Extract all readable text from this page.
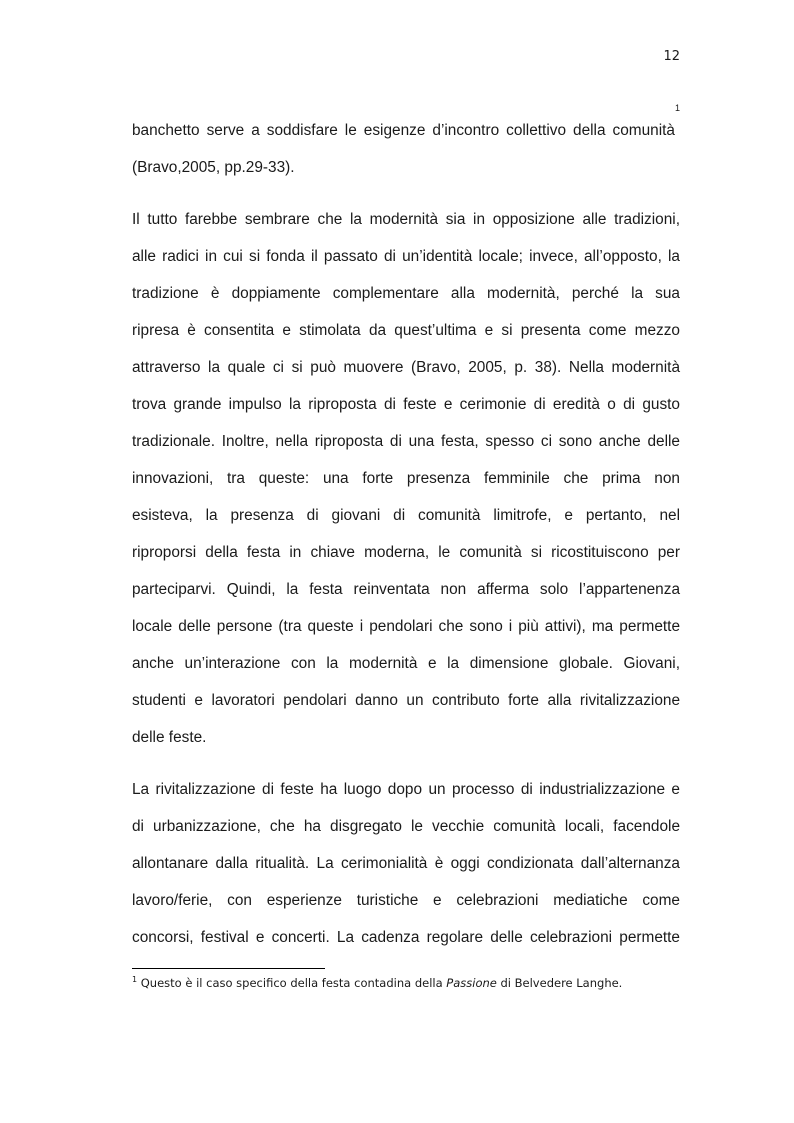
12
banchetto serve a soddisfare le esigenze d’incontro collettivo della comunità$^1$
(Bravo,2005, pp.29-33).
Il tutto farebbe sembrare che la modernità sia in opposizione alle tradizioni,
alle radici in cui si fonda il passato di un’identità locale; invece, all’opposto, la
tradizione è doppiamente complementare alla modernità, perché la sua
ripresa è consentita e stimolata da quest’ultima e si presenta come mezzo
attraverso la quale ci si può muovere (Bravo, 2005, p. 38). Nella modernità
trova grande impulso la riproposta di feste e cerimonie di eredità o di gusto
tradizionale. Inoltre, nella riproposta di una festa, spesso ci sono anche delle
innovazioni, tra queste: una forte presenza femminile che prima non
esisteva, la presenza di giovani di comunità limitrofe, e pertanto, nel
riproporsi della festa in chiave moderna, le comunità si ricostituiscono per
parteciparvi. Quindi, la festa reinventata non afferma solo l’appartenenza
locale delle persone (tra queste i pendolari che sono i più attivi), ma permette
anche un’interazione con la modernità e la dimensione globale. Giovani,
studenti e lavoratori pendolari danno un contributo forte alla rivitalizzazione
delle feste.
La rivitalizzazione di feste ha luogo dopo un processo di industrializzazione e
di urbanizzazione, che ha disgregato le vecchie comunità locali, facendole
allontanare dalla ritualità. La cerimonialità è oggi condizionata dall’alternanza
lavoro/ferie, con esperienze turistiche e celebrazioni mediatiche come
concorsi, festival e concerti. La cadenza regolare delle celebrazioni permette
$^1$ Questo è il caso specifico della festa contadina della Passione di Belvedere Langhe.
